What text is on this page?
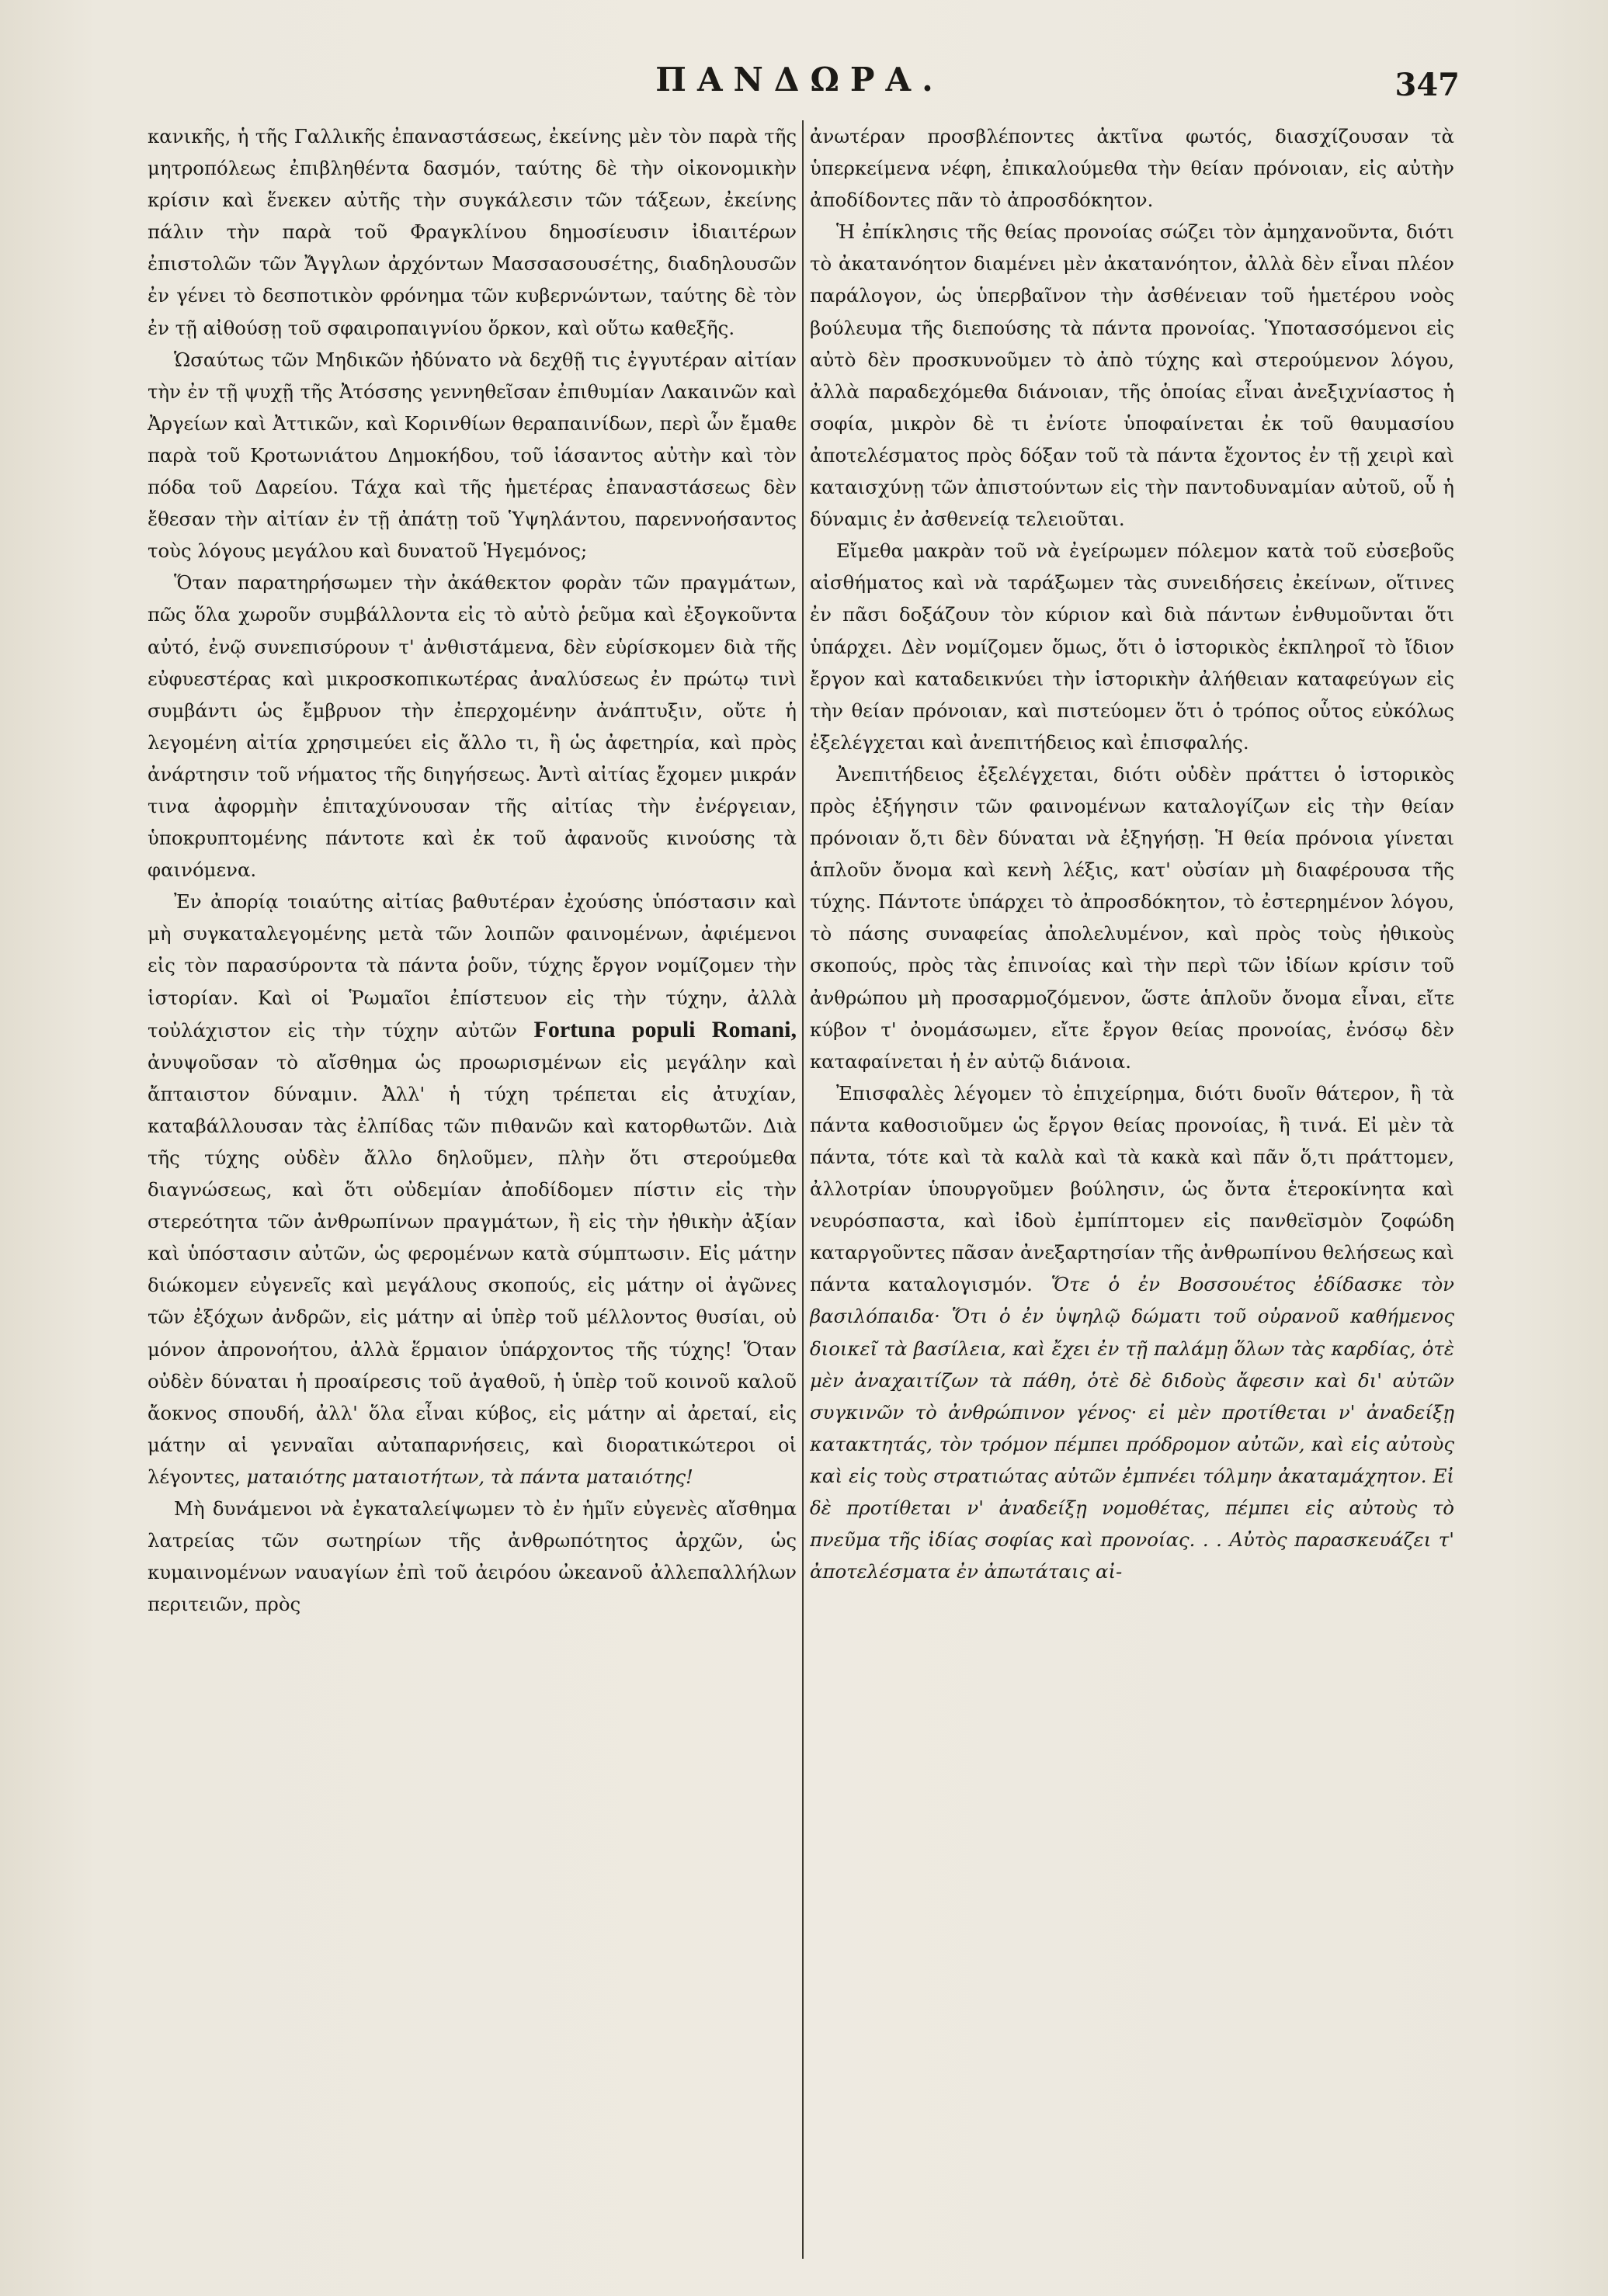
ΠΑΝΔΩΡΑ.	347

κανικῆς, ἡ τῆς Γαλλικῆς ἐπαναστάσεως, ἐκείνης μὲν τὸν παρὰ τῆς μητροπόλεως ἐπιβληθέντα δασμόν, ταύτης δὲ τὴν οἰκονομικὴν κρίσιν καὶ ἕνεκεν αὐτῆς τὴν συγκάλεσιν τῶν τάξεων, ἐκείνης πάλιν τὴν παρὰ τοῦ Φραγκλίνου δημοσίευσιν ἰδιαιτέρων ἐπιστολῶν τῶν Ἄγγλων ἀρχόντων Μασσασουσέτης, διαδηλουσῶν ἐν γένει τὸ δεσποτικὸν φρόνημα τῶν κυβερνώντων, ταύτης δὲ τὸν ἐν τῇ αἰθούσῃ τοῦ σφαιροπαιγνίου ὅρκον, καὶ οὕτω καθεξῆς.

Ὡσαύτως τῶν Μηδικῶν ἠδύνατο νὰ δεχθῇ τις ἐγγυτέραν αἰτίαν τὴν ἐν τῇ ψυχῇ τῆς Ἀτόσσης γεννηθεῖσαν ἐπιθυμίαν Λακαινῶν καὶ Ἀργείων καὶ Ἀττικῶν, καὶ Κορινθίων θεραπαινίδων, περὶ ὧν ἔμαθε παρὰ τοῦ Κροτωνιάτου Δημοκήδου, τοῦ ἰάσαντος αὐτὴν καὶ τὸν πόδα τοῦ Δαρείου. Τάχα καὶ τῆς ἡμετέρας ἐπαναστάσεως δὲν ἔθεσαν τὴν αἰτίαν ἐν τῇ ἀπάτῃ τοῦ Ὑψηλάντου, παρεννοήσαντος τοὺς λόγους μεγάλου καὶ δυνατοῦ Ἡγεμόνος;

Ὅταν παρατηρήσωμεν τὴν ἀκάθεκτον φορὰν τῶν πραγμάτων, πῶς ὅλα χωροῦν συμβάλλοντα εἰς τὸ αὐτὸ ῥεῦμα καὶ ἐξογκοῦντα αὐτό, ἐνῷ συνεπισύρουν τ' ἀνθιστάμενα, δὲν εὑρίσκομεν διὰ τῆς εὐφυεστέρας καὶ μικροσκοπικωτέρας ἀναλύσεως ἐν πρώτῳ τινὶ συμβάντι ὡς ἔμβρυον τὴν ἐπερχομένην ἀνάπτυξιν, οὔτε ἡ λεγομένη αἰτία χρησιμεύει εἰς ἄλλο τι, ἢ ὡς ἀφετηρία, καὶ πρὸς ἀνάρτησιν τοῦ νήματος τῆς διηγήσεως. Ἀντὶ αἰτίας ἔχομεν μικράν τινα ἀφορμὴν ἐπιταχύνουσαν τῆς αἰτίας τὴν ἐνέργειαν, ὑποκρυπτομένης πάντοτε καὶ ἐκ τοῦ ἀφανοῦς κινούσης τὰ φαινόμενα.

Ἐν ἀπορίᾳ τοιαύτης αἰτίας βαθυτέραν ἐχούσης ὑπόστασιν καὶ μὴ συγκαταλεγομένης μετὰ τῶν λοιπῶν φαινομένων, ἀφιέμενοι εἰς τὸν παρασύροντα τὰ πάντα ῥοῦν, τύχης ἔργον νομίζομεν τὴν ἱστορίαν. Καὶ οἱ Ῥωμαῖοι ἐπίστευον εἰς τὴν τύχην, ἀλλὰ τοὐλάχιστον εἰς τὴν τύχην αὐτῶν Fortuna populi Romani, ἀνυψοῦσαν τὸ αἴσθημα ὡς προωρισμένων εἰς μεγάλην καὶ ἄπταιστον δύναμιν. Ἀλλ' ἡ τύχη τρέπεται εἰς ἀτυχίαν, καταβάλλουσαν τὰς ἐλπίδας τῶν πιθανῶν καὶ κατορθωτῶν. Διὰ τῆς τύχης οὐδὲν ἄλλο δηλοῦμεν, πλὴν ὅτι στερούμεθα διαγνώσεως, καὶ ὅτι οὐδεμίαν ἀποδίδομεν πίστιν εἰς τὴν στερεότητα τῶν ἀνθρωπίνων πραγμάτων, ἢ εἰς τὴν ἠθικὴν ἀξίαν καὶ ὑπόστασιν αὐτῶν, ὡς φερομένων κατὰ σύμπτωσιν. Εἰς μάτην διώκομεν εὐγενεῖς καὶ μεγάλους σκοπούς, εἰς μάτην οἱ ἀγῶνες τῶν ἐξόχων ἀνδρῶν, εἰς μάτην αἱ ὑπὲρ τοῦ μέλλοντος θυσίαι, οὐ μόνον ἀπρονοήτου, ἀλλὰ ἕρμαιον ὑπάρχοντος τῆς τύχης! Ὅταν οὐδὲν δύναται ἡ προαίρεσις τοῦ ἀγαθοῦ, ἡ ὑπὲρ τοῦ κοινοῦ καλοῦ ἄοκνος σπουδή, ἀλλ' ὅλα εἶναι κύβος, εἰς μάτην αἱ ἀρεταί, εἰς μάτην αἱ γενναῖαι αὐταπαρνήσεις, καὶ διορατικώτεροι οἱ λέγοντες, ματαιότης ματαιοτήτων, τὰ πάντα ματαιότης!

Μὴ δυνάμενοι νὰ ἐγκαταλείψωμεν τὸ ἐν ἡμῖν εὐγενὲς αἴσθημα λατρείας τῶν σωτηρίων τῆς ἀνθρωπότητος ἀρχῶν, ὡς κυμαινομένων ναυαγίων ἐπὶ τοῦ ἀειρόου ὠκεανοῦ ἀλλεπαλλήλων περιτειῶν, πρὸς

ἀνωτέραν προσβλέποντες ἀκτῖνα φωτός, διασχίζουσαν τὰ ὑπερκείμενα νέφη, ἐπικαλούμεθα τὴν θείαν πρόνοιαν, εἰς αὐτὴν ἀποδίδοντες πᾶν τὸ ἀπροσδόκητον.

Ἡ ἐπίκλησις τῆς θείας προνοίας σώζει τὸν ἀμηχανοῦντα, διότι τὸ ἀκατανόητον διαμένει μὲν ἀκατανόητον, ἀλλὰ δὲν εἶναι πλέον παράλογον, ὡς ὑπερβαῖνον τὴν ἀσθένειαν τοῦ ἡμετέρου νοὸς βούλευμα τῆς διεπούσης τὰ πάντα προνοίας. Ὑποτασσόμενοι εἰς αὐτὸ δὲν προσκυνοῦμεν τὸ ἀπὸ τύχης καὶ στερούμενον λόγου, ἀλλὰ παραδεχόμεθα διάνοιαν, τῆς ὁποίας εἶναι ἀνεξιχνίαστος ἡ σοφία, μικρὸν δὲ τι ἐνίοτε ὑποφαίνεται ἐκ τοῦ θαυμασίου ἀποτελέσματος πρὸς δόξαν τοῦ τὰ πάντα ἔχοντος ἐν τῇ χειρὶ καὶ καταισχύνῃ τῶν ἀπιστούντων εἰς τὴν παντοδυναμίαν αὐτοῦ, οὗ ἡ δύναμις ἐν ἀσθενείᾳ τελειοῦται.

Εἴμεθα μακρὰν τοῦ νὰ ἐγείρωμεν πόλεμον κατὰ τοῦ εὐσεβοῦς αἰσθήματος καὶ νὰ ταράξωμεν τὰς συνειδήσεις ἐκείνων, οἵτινες ἐν πᾶσι δοξάζουν τὸν κύριον καὶ διὰ πάντων ἐνθυμοῦνται ὅτι ὑπάρχει. Δὲν νομίζομεν ὅμως, ὅτι ὁ ἱστορικὸς ἐκπληροῖ τὸ ἴδιον ἔργον καὶ καταδεικνύει τὴν ἱστορικὴν ἀλήθειαν καταφεύγων εἰς τὴν θείαν πρόνοιαν, καὶ πιστεύομεν ὅτι ὁ τρόπος οὗτος εὐκόλως ἐξελέγχεται καὶ ἀνεπιτήδειος καὶ ἐπισφαλής.

Ἀνεπιτήδειος ἐξελέγχεται, διότι οὐδὲν πράττει ὁ ἱστορικὸς πρὸς ἐξήγησιν τῶν φαινομένων καταλογίζων εἰς τὴν θείαν πρόνοιαν ὅ,τι δὲν δύναται νὰ ἐξηγήσῃ. Ἡ θεία πρόνοια γίνεται ἁπλοῦν ὄνομα καὶ κενὴ λέξις, κατ' οὐσίαν μὴ διαφέρουσα τῆς τύχης. Πάντοτε ὑπάρχει τὸ ἀπροσδόκητον, τὸ ἐστερημένον λόγου, τὸ πάσης συναφείας ἀπολελυμένον, καὶ πρὸς τοὺς ἠθικοὺς σκοπούς, πρὸς τὰς ἐπινοίας καὶ τὴν περὶ τῶν ἰδίων κρίσιν τοῦ ἀνθρώπου μὴ προσαρμοζόμενον, ὥστε ἁπλοῦν ὄνομα εἶναι, εἴτε κύβον τ' ὀνομάσωμεν, εἴτε ἔργον θείας προνοίας, ἐνόσῳ δὲν καταφαίνεται ἡ ἐν αὐτῷ διάνοια.

Ἐπισφαλὲς λέγομεν τὸ ἐπιχείρημα, διότι δυοῖν θάτερον, ἢ τὰ πάντα καθοσιοῦμεν ὡς ἔργον θείας προνοίας, ἢ τινά. Εἰ μὲν τὰ πάντα, τότε καὶ τὰ καλὰ καὶ τὰ κακὰ καὶ πᾶν ὅ,τι πράττομεν, ἀλλοτρίαν ὑπουργοῦμεν βούλησιν, ὡς ὄντα ἑτεροκίνητα καὶ νευρόσπαστα, καὶ ἰδοὺ ἐμπίπτομεν εἰς πανθεϊσμὸν ζοφώδη καταργοῦντες πᾶσαν ἀνεξαρτησίαν τῆς ἀνθρωπίνου θελήσεως καὶ πάντα καταλογισμόν. Ὅτε ὁ ἐν Βοσσουέτος ἐδίδασκε τὸν βασιλόπαιδα· Ὅτι ὁ ἐν ὑψηλῷ δώματι τοῦ οὐρανοῦ καθήμενος διοικεῖ τὰ βασίλεια, καὶ ἔχει ἐν τῇ παλάμῃ ὅλων τὰς καρδίας, ὁτὲ μὲν ἀναχαιτίζων τὰ πάθη, ὁτὲ δὲ διδοὺς ἄφεσιν καὶ δι' αὐτῶν συγκινῶν τὸ ἀνθρώπινον γένος· εἰ μὲν προτίθεται ν' ἀναδείξῃ κατακτητάς, τὸν τρόμον πέμπει πρόδρομον αὐτῶν, καὶ εἰς αὐτοὺς καὶ εἰς τοὺς στρατιώτας αὐτῶν ἐμπνέει τόλμην ἀκαταμάχητον. Εἰ δὲ προτίθεται ν' ἀναδείξῃ νομοθέτας, πέμπει εἰς αὐτοὺς τὸ πνεῦμα τῆς ἰδίας σοφίας καὶ προνοίας. . . Αὐτὸς παρασκευάζει τ' ἀποτελέσματα ἐν ἀπωτάταις αἰ-
